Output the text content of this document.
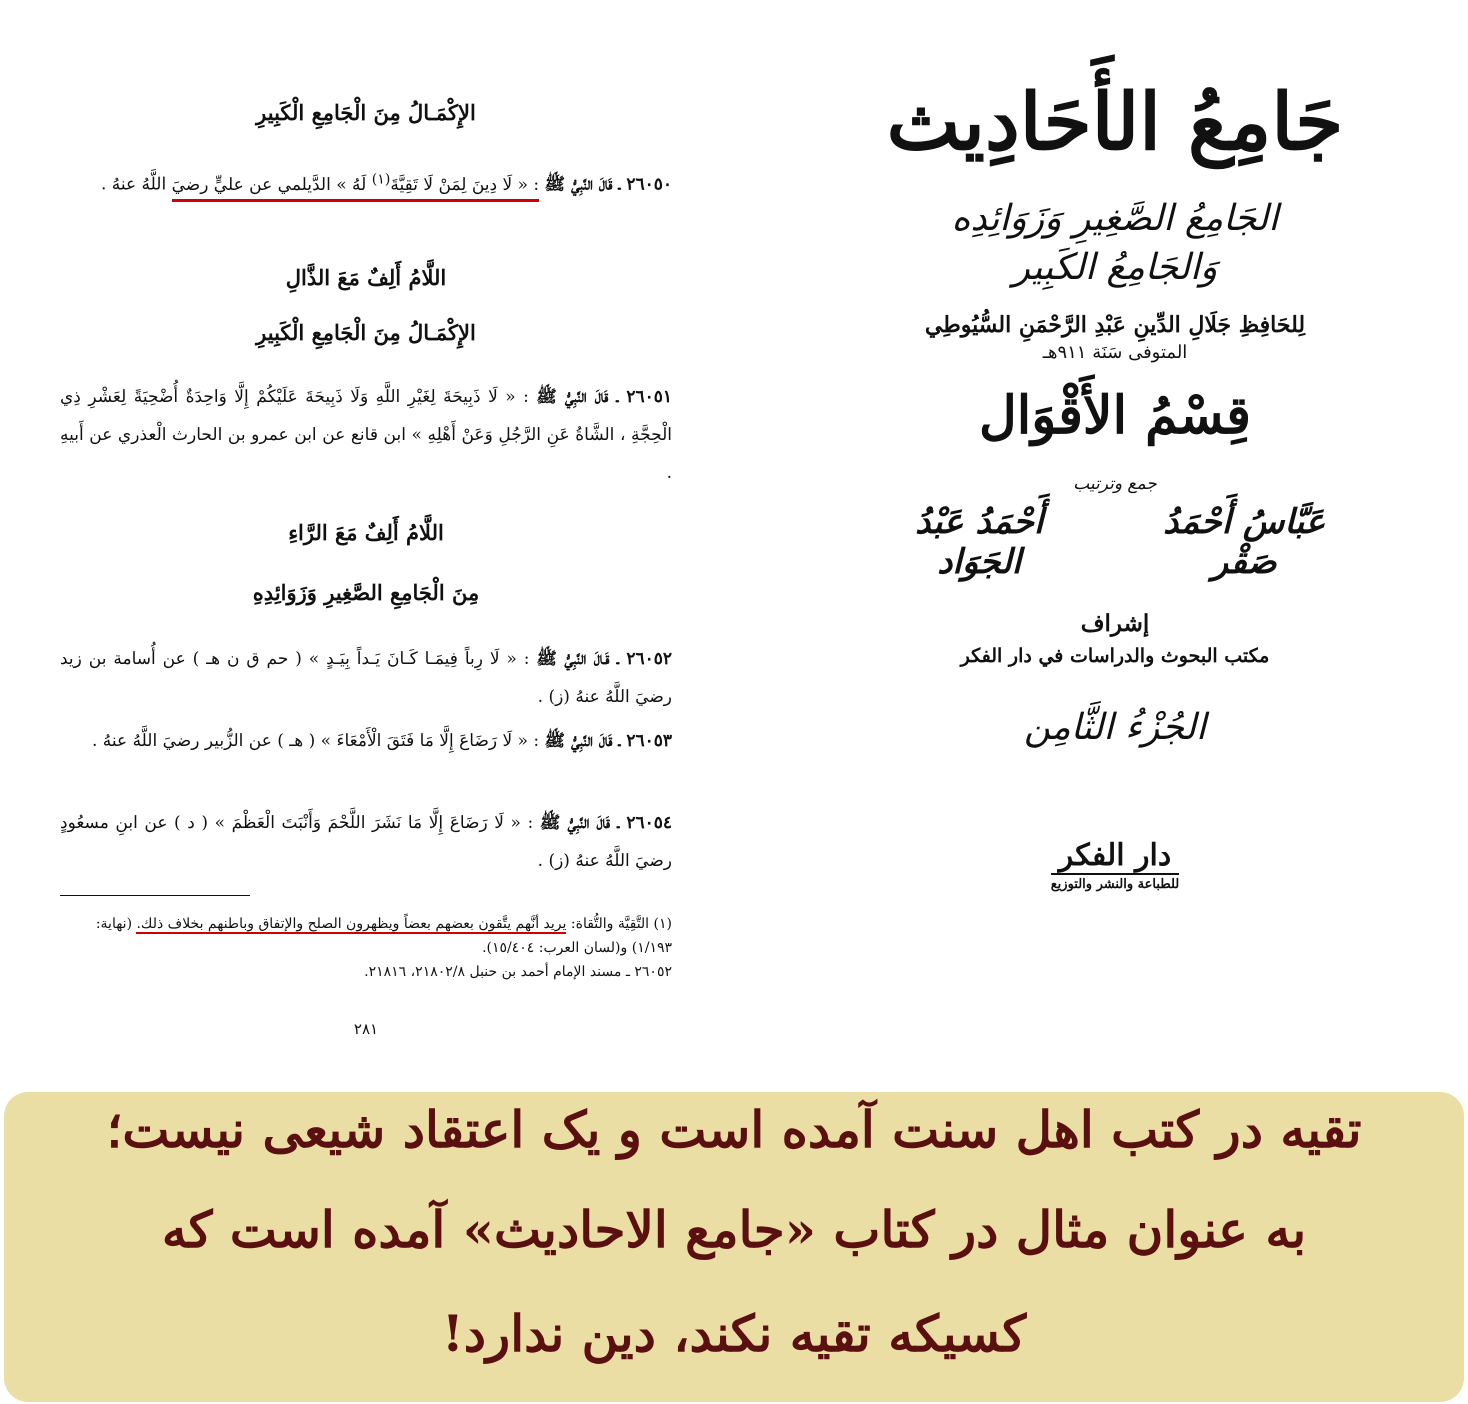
الإِكْمَـالُ مِنَ الْجَامِعِ الْكَبِيرِ

٢٦٠٥٠ ـ قَالَ النَّبِيُّ ﷺ : « لَا دِينَ لِمَنْ لَا تَقِيَّةَ$^{(١)}$ لَهُ » الدَّيلمي عن عليٍّ رضيَ اللَّهُ عنهُ .

اللَّامُ أَلِفٌ مَعَ الذَّالِ

الإِكْمَـالُ مِنَ الْجَامِعِ الْكَبِيرِ

٢٦٠٥١ ـ قَالَ النَّبِيُّ ﷺ : « لَا ذَبِيحَةَ لِغَيْرِ اللَّهِ وَلَا ذَبِيحَةَ عَلَيْكُمْ إِلَّا وَاحِدَةٌ أُضْحِيَةً لِعَشْرِ ذِي الْحِجَّةِ ، الشَّاةُ عَنِ الرَّجُلِ وَعَنْ أَهْلِهِ » ابن قانع عن ابن عمرو بن الحارث الْعذري عن أَبيهِ .

اللَّامُ أَلِفٌ مَعَ الرَّاءِ

مِنَ الْجَامِعِ الصَّغِيرِ وَزَوَائِدِهِ

٢٦٠٥٢ ـ قَـالَ النَّبِيُّ ﷺ : « لَا رِباً فِيمَـا كَـانَ يَـداً بِيَـدٍ » ( حم ق ن هـ ) عن أُسامة بن زيد رضيَ اللَّهُ عنهُ (ز) .

٢٦٠٥٣ ـ قَالَ النَّبِيُّ ﷺ : « لَا رَضَاعَ إِلَّا مَا فَتَقَ الْأَمْعَاءَ » ( هـ ) عن الزُّبير رضيَ اللَّهُ عنهُ .

٢٦٠٥٤ ـ قَالَ النَّبِيُّ ﷺ : « لَا رَضَاعَ إِلَّا مَا نَشَرَ اللَّحْمَ وَأَنْبَتَ الْعَظْمَ » ( د ) عن ابنِ مسعُودٍ رضيَ اللَّهُ عنهُ (ز) .

(١) التَّقِيَّة والتُّقاة: يريد أنَّهم يتَّقون بعضهم بعضاً ويظهرون الصلح والإتفاق وباطنهم بخلاف ذلك. (نهاية: ١/١٩٣) و(لسان العرب: ١٥/٤٠٤).

٢٦٠٥٢ ـ مسند الإمام أحمد بن حنبل ٢١٨٠٢/٨، ٢١٨١٦.

٢٨١

جَامِعُ الأَحَادِيث

الجَامِعُ الصَّغِيرِ وَزَوَائِدِه

وَالجَامِعُ الكَبِير

لِلحَافِظِ جَلَالِ الدِّينِ عَبْدِ الرَّحْمَنِ السُّيُوطِي

المتوفى سَنَة ٩١١هـ

قِسْمُ الأَقْوَال

جمع وترتيب

عَبَّاسُ أَحْمَدُ صَقْر

أَحْمَدُ عَبْدُ الجَوَاد

إشراف

مكتب البحوث والدراسات في دار الفكر

الجُزْءُ الثَّامِن

دار الفكر

للطباعة والنشر والتوزيع

تقیه در کتب اهل سنت آمده است و یک اعتقاد شیعی نیست؛
به عنوان مثال در کتاب «جامع الاحادیث» آمده است که
کسیکه تقیه نکند، دین ندارد!
